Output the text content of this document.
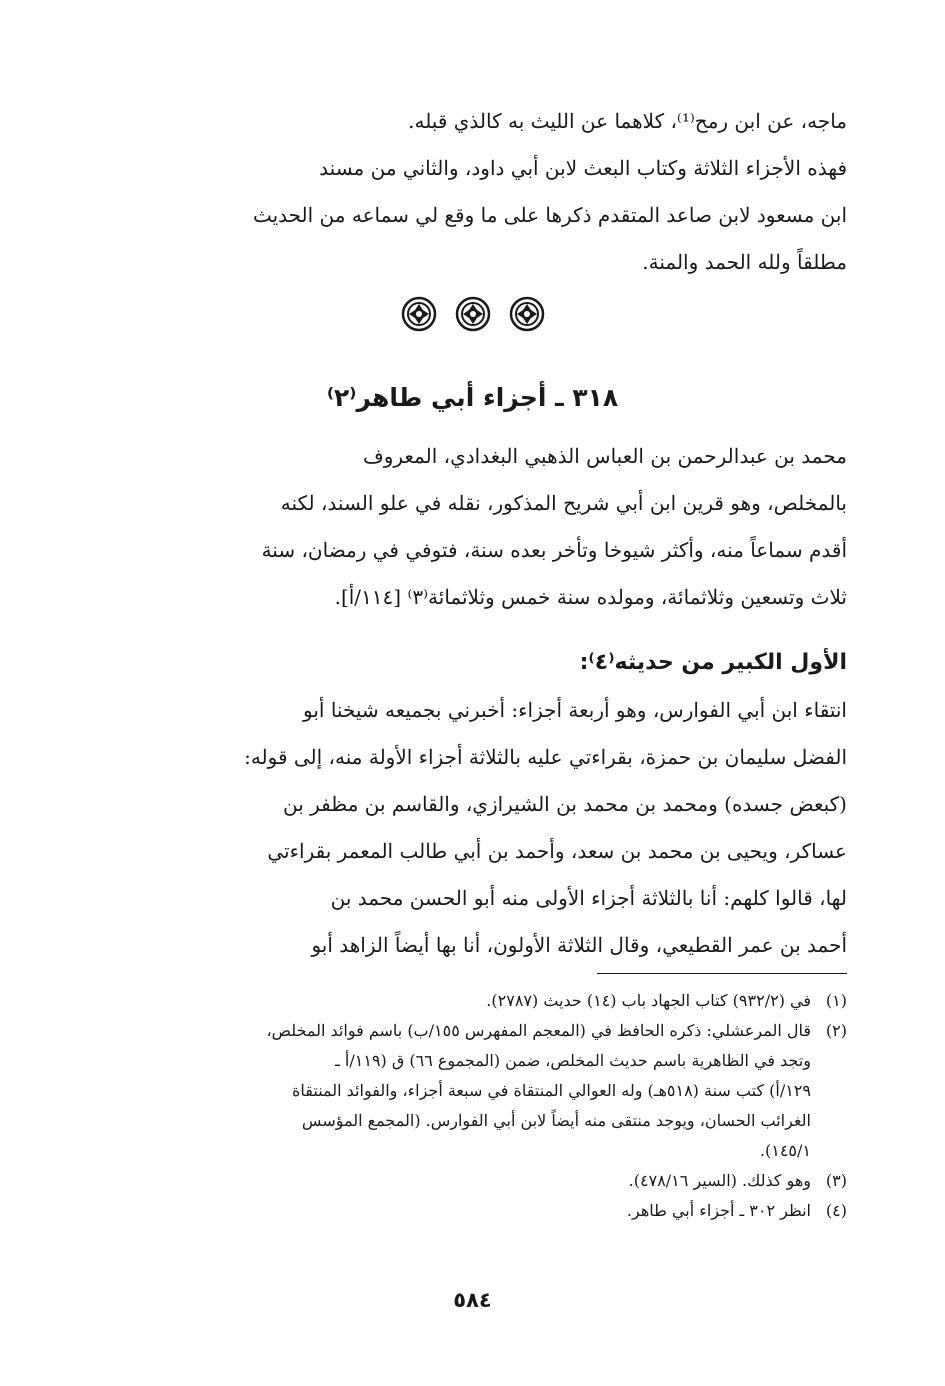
ماجه، عن ابن رمح⁽¹⁾، كلاهما عن الليث به كالذي قبله.
فهذه الأجزاء الثلاثة وكتاب البعث لابن أبي داود، والثاني من مسند
ابن مسعود لابن صاعد المتقدم ذكرها على ما وقع لي سماعه من الحديث
مطلقاً ولله الحمد والمنة.
٣١٨ ـ أجزاء أبي طاهر⁽٢⁾
محمد بن عبدالرحمن بن العباس الذهبي البغدادي، المعروف
بالمخلص، وهو قرين ابن أبي شريح المذكور، نقله في علو السند، لكنه
أقدم سماعاً منه، وأكثر شيوخا وتأخر بعده سنة، فتوفي في رمضان، سنة
ثلاث وتسعين وثلاثمائة، ومولده سنة خمس وثلاثمائة⁽٣⁾ [١١٤/أ].
الأول الكبير من حديثه⁽٤⁾:
انتقاء ابن أبي الفوارس، وهو أربعة أجزاء: أخبرني بجميعه شيخنا أبو
الفضل سليمان بن حمزة، بقراءتي عليه بالثلاثة أجزاء الأولة منه، إلى قوله:
(كبعض جسده) ومحمد بن محمد بن الشيرازي، والقاسم بن مظفر بن
عساكر، ويحيى بن محمد بن سعد، وأحمد بن أبي طالب المعمر بقراءتي
لها، قالوا كلهم: أنا بالثلاثة أجزاء الأولى منه أبو الحسن محمد بن
أحمد بن عمر القطيعي، وقال الثلاثة الأولون، أنا بها أيضاً الزاهد أبو
(١)
في (٩٣٢/٢) كتاب الجهاد باب (١٤) حديث (٢٧٨٧).
(٢)
قال المرعشلي: ذكره الحافظ في (المعجم المفهرس ١٥٥/ب) باسم فوائد المخلص،
وتجد في الظاهرية باسم حديث المخلص، ضمن (المجموع ٦٦) ق (١١٩/أ ـ
١٢٩/أ) كتب سنة (٥١٨هـ) وله العوالي المنتقاة في سبعة أجزاء، والفوائد المنتقاة
الغرائب الحسان، ويوجد منتقى منه أيضاً لابن أبي الفوارس. (المجمع المؤسس
١٤٥/١).
(٣)
وهو كذلك. (السير ٤٧٨/١٦).
(٤)
انظر ٣٠٢ ـ أجزاء أبي طاهر.
٥٨٤
